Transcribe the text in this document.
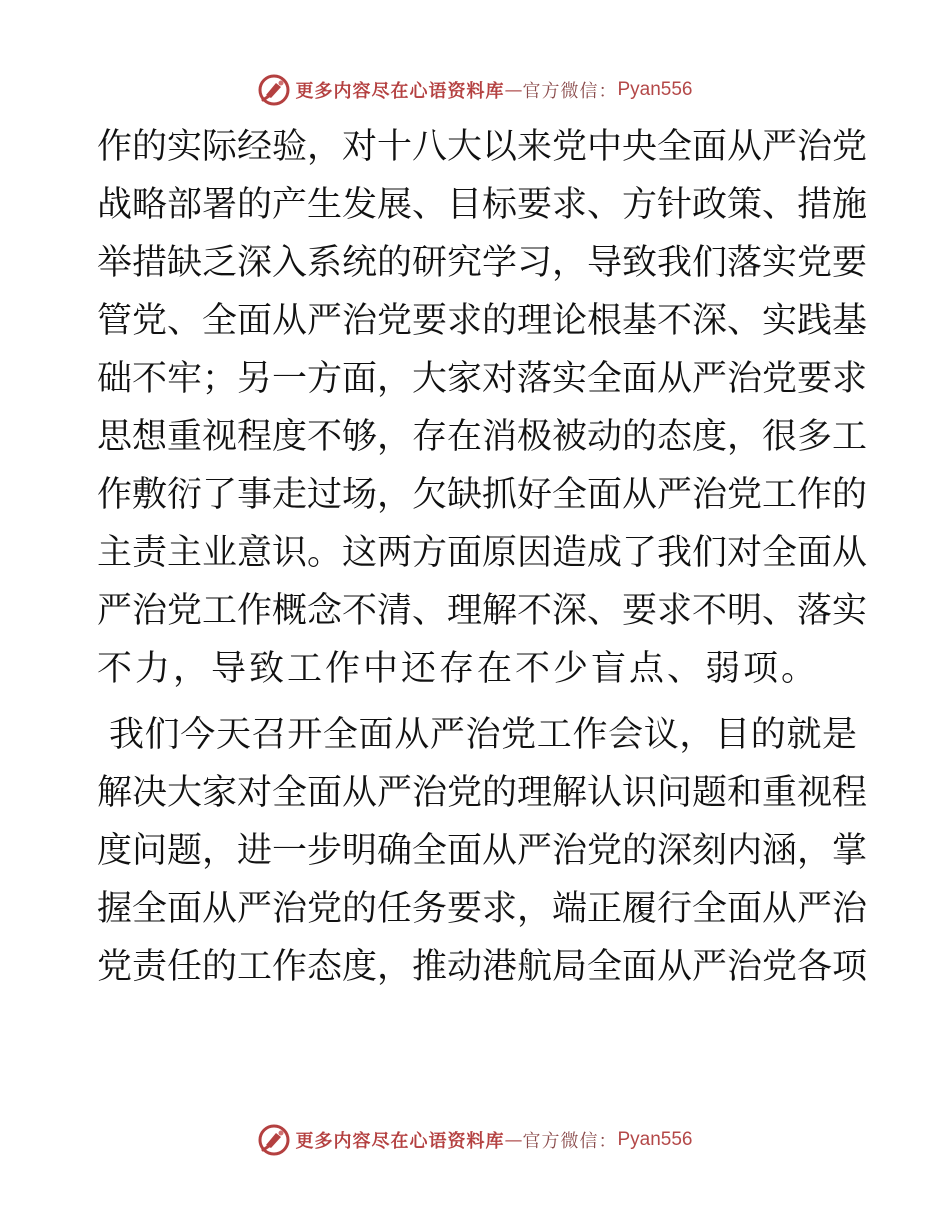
更多内容尽在心语资料库 — 官方微信： Pyan556
作的实际经验，对十八大以来党中央全面从严治党
战略部署的产生发展、目标要求、方针政策、措施
举措缺乏深入系统的研究学习，导致我们落实党要
管党、全面从严治党要求的理论根基不深、实践基
础不牢；另一方面，大家对落实全面从严治党要求
思想重视程度不够，存在消极被动的态度，很多工
作敷衍了事走过场，欠缺抓好全面从严治党工作的
主责主业意识。这两方面原因造成了我们对全面从
严治党工作概念不清、理解不深、要求不明、落实
不力，导致工作中还存在不少盲点、弱项。
我们今天召开全面从严治党工作会议，目的就是
解决大家对全面从严治党的理解认识问题和重视程
度问题，进一步明确全面从严治党的深刻内涵，掌
握全面从严治党的任务要求，端正履行全面从严治
党责任的工作态度，推动港航局全面从严治党各项
更多内容尽在心语资料库 — 官方微信： Pyan556
